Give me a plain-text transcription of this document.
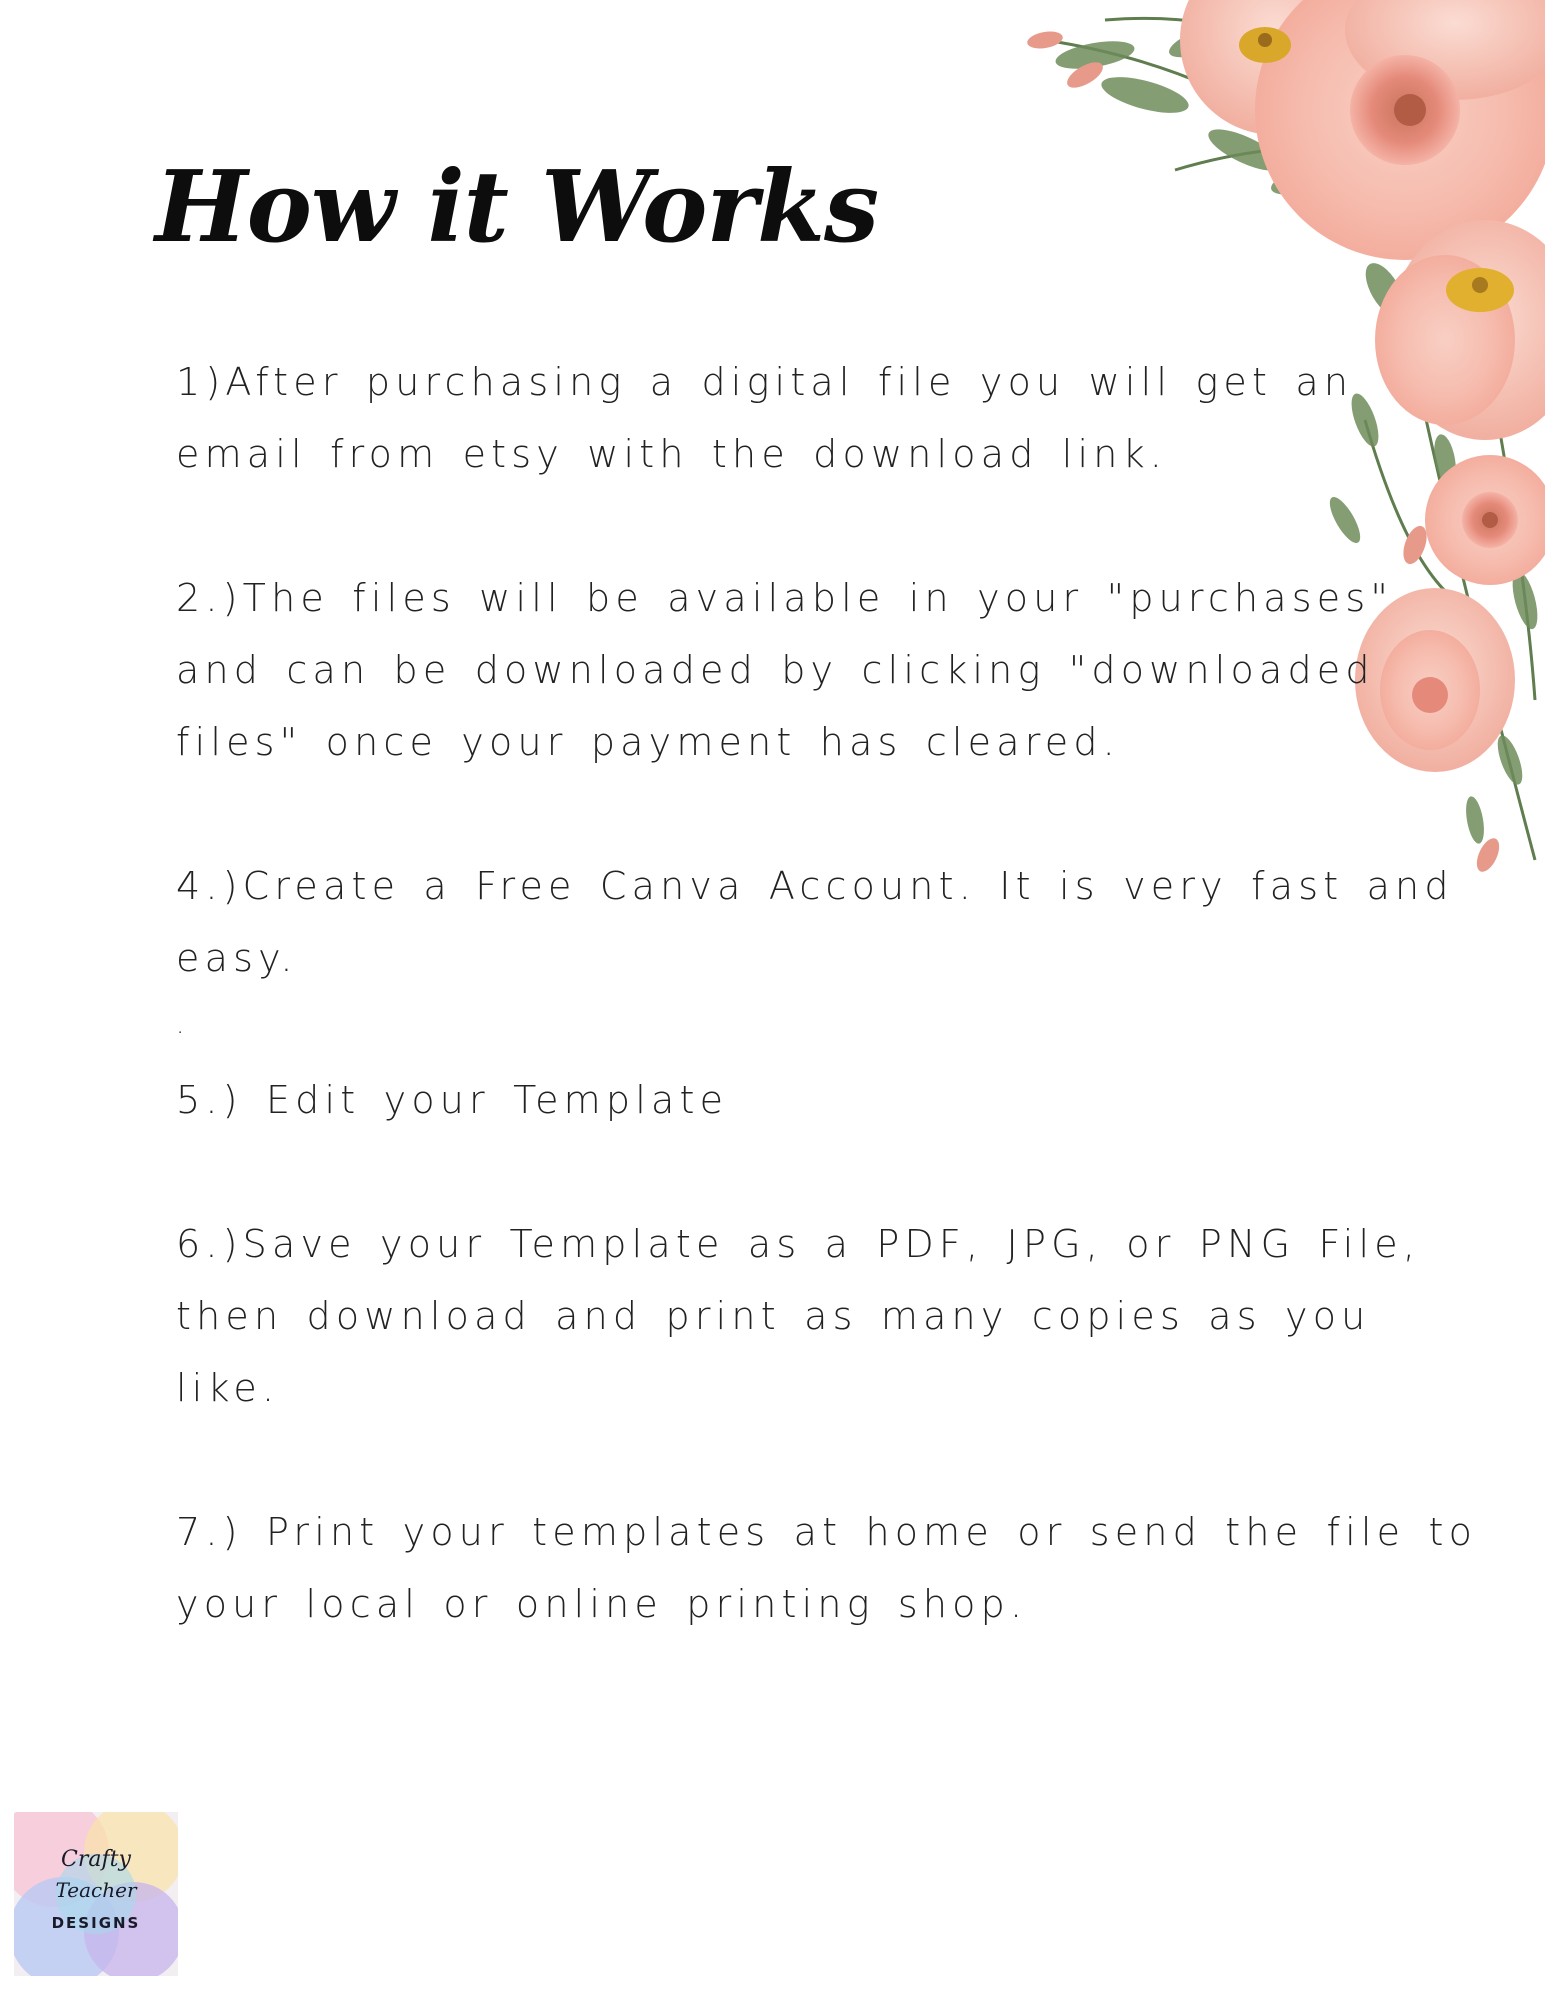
How it Works
1)After purchasing a digital file you will get an
email from etsy with the download link.
2.)The files will be available in your "purchases"
and can be downloaded by clicking "downloaded
files" once your payment has cleared.
4.)Create a Free Canva Account. It is very fast and
easy.
.
5.) Edit your Template
6.)Save your Template as a PDF, JPG, or PNG File,
then download and print as many copies as you
like.
7.) Print your templates at home or send the file to
your local or online printing shop.
Crafty
Teacher
DESIGNS
